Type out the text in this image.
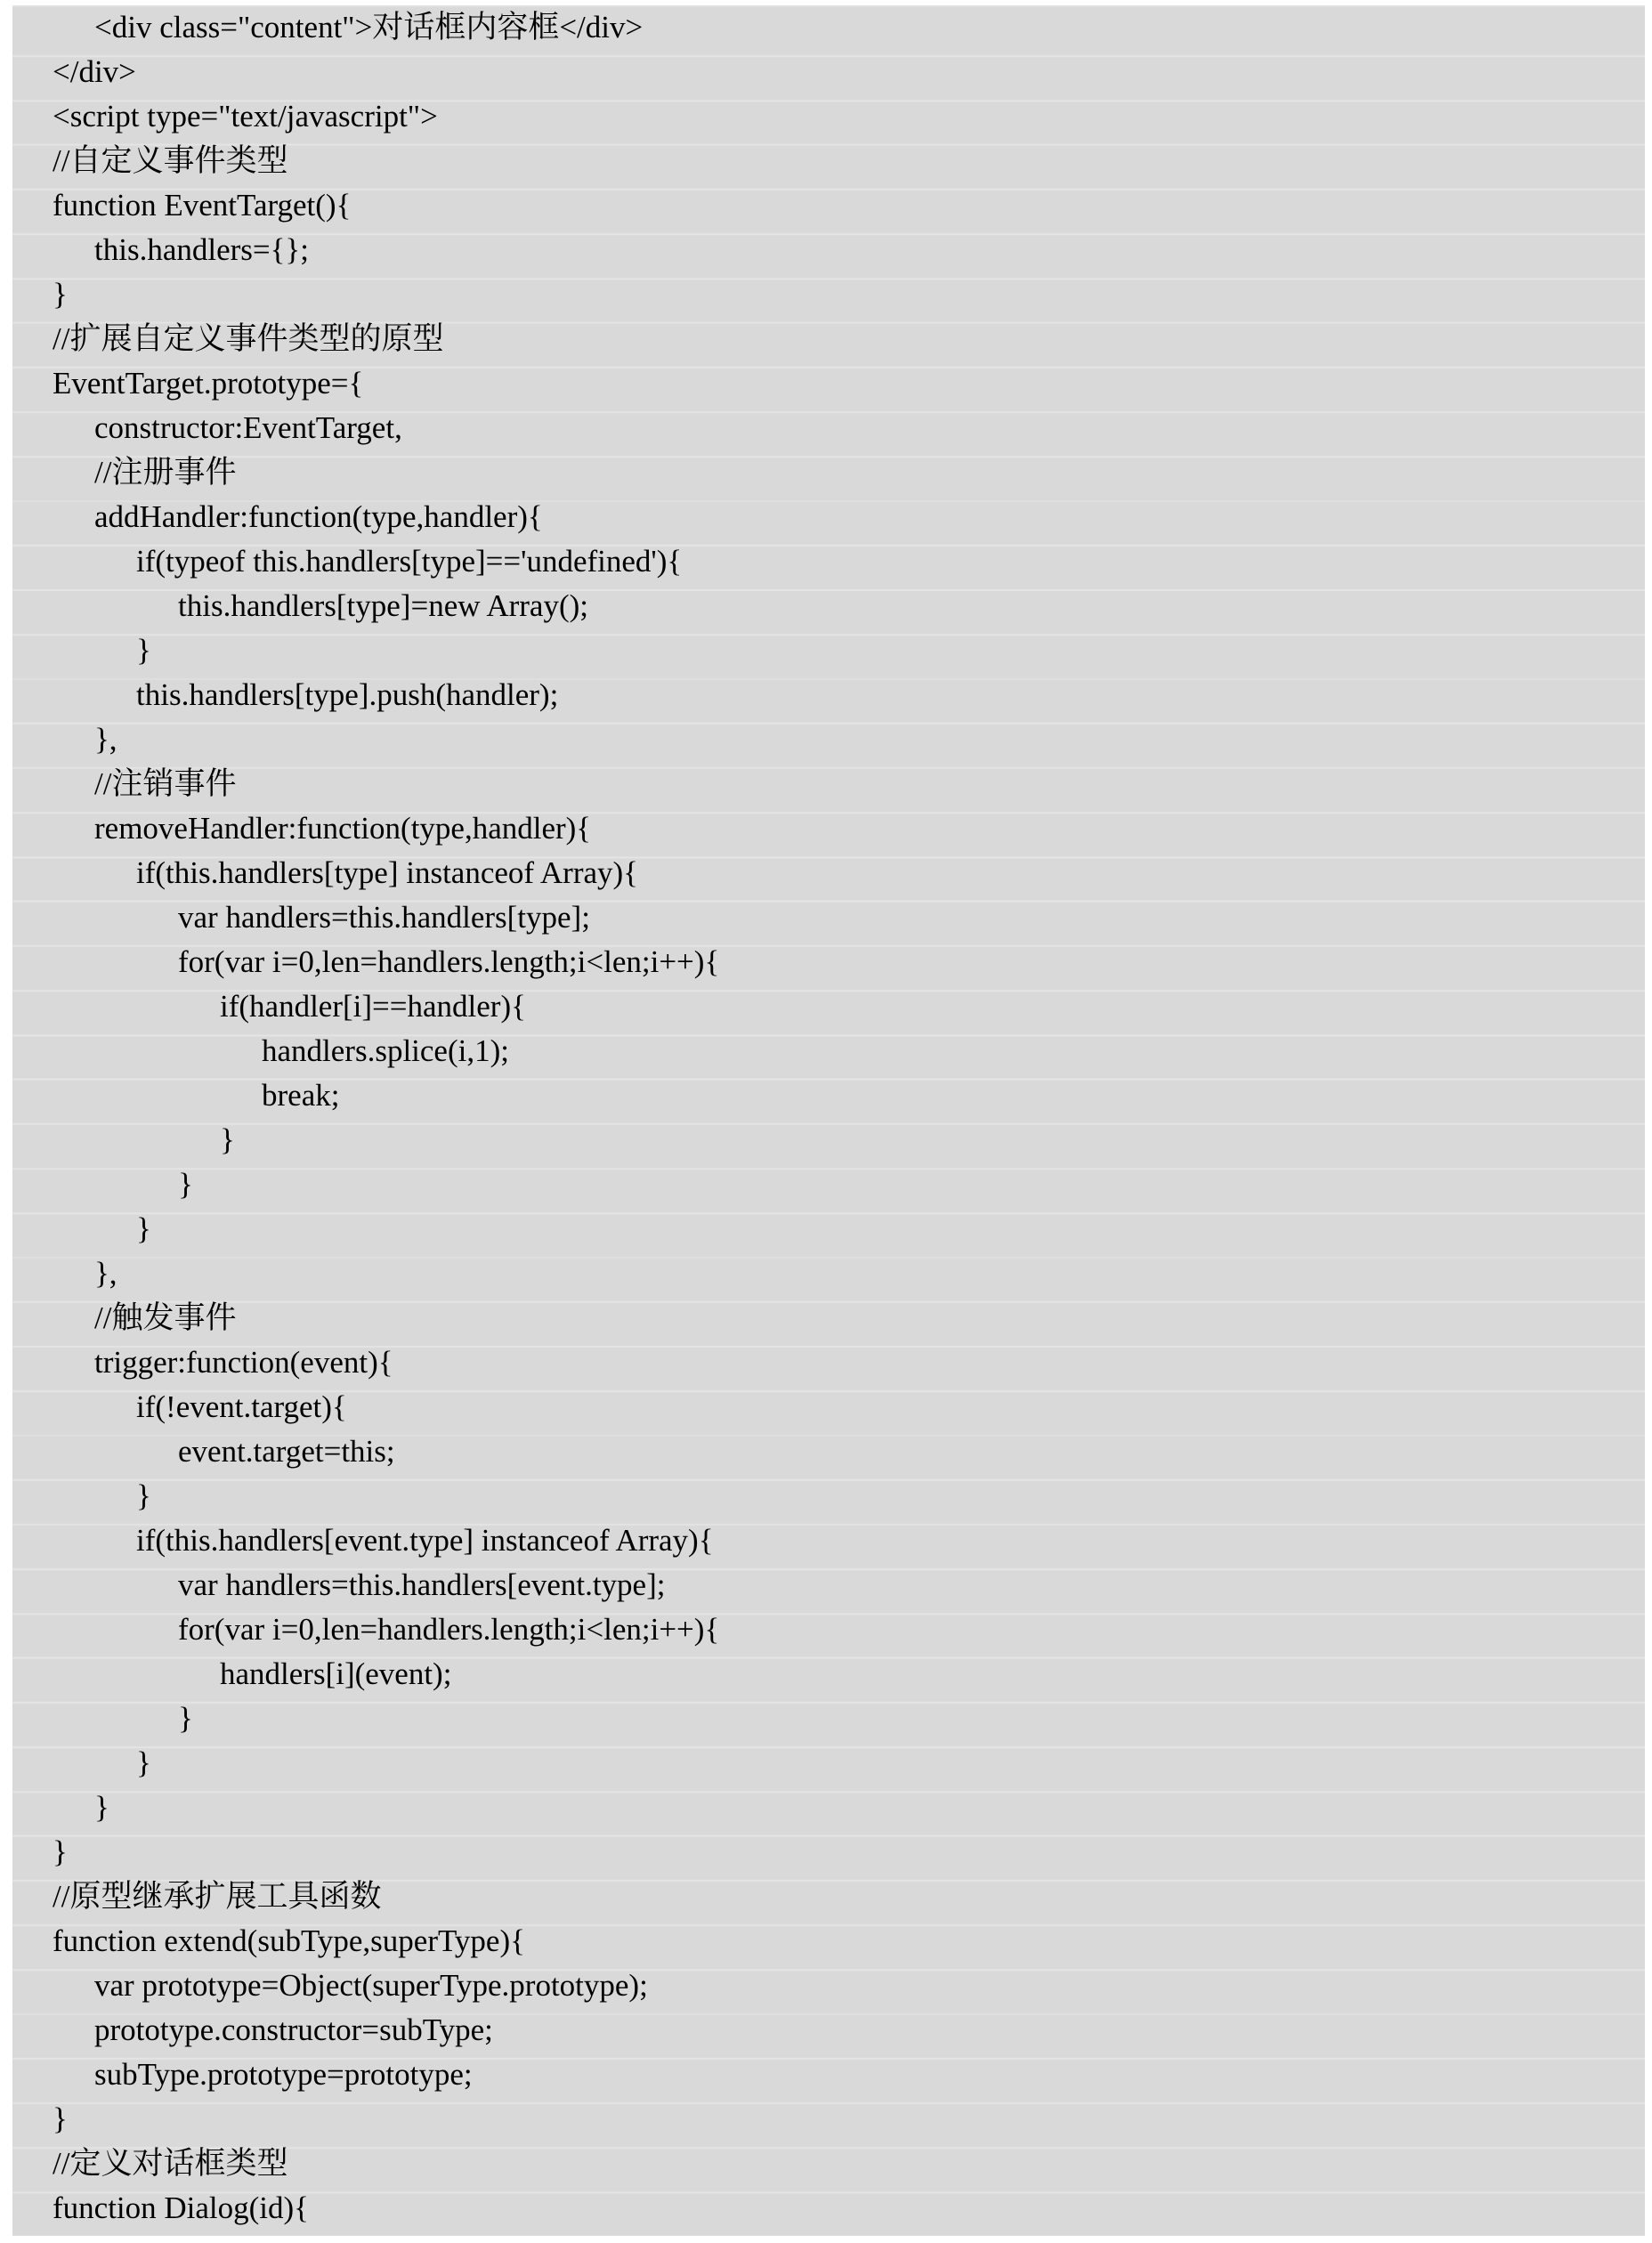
<div class="content">对话框内容框</div>
</div>
<script type="text/javascript">
//自定义事件类型
function EventTarget(){
this.handlers={};
}
//扩展自定义事件类型的原型
EventTarget.prototype={
constructor:EventTarget,
//注册事件
addHandler:function(type,handler){
if(typeof this.handlers[type]=='undefined'){
this.handlers[type]=new Array();
}
this.handlers[type].push(handler);
},
//注销事件
removeHandler:function(type,handler){
if(this.handlers[type] instanceof Array){
var handlers=this.handlers[type];
for(var i=0,len=handlers.length;i<len;i++){
if(handler[i]==handler){
handlers.splice(i,1);
break;
}
}
}
},
//触发事件
trigger:function(event){
if(!event.target){
event.target=this;
}
if(this.handlers[event.type] instanceof Array){
var handlers=this.handlers[event.type];
for(var i=0,len=handlers.length;i<len;i++){
handlers[i](event);
}
}
}
}
//原型继承扩展工具函数
function extend(subType,superType){
var prototype=Object(superType.prototype);
prototype.constructor=subType;
subType.prototype=prototype;
}
//定义对话框类型
function Dialog(id){
